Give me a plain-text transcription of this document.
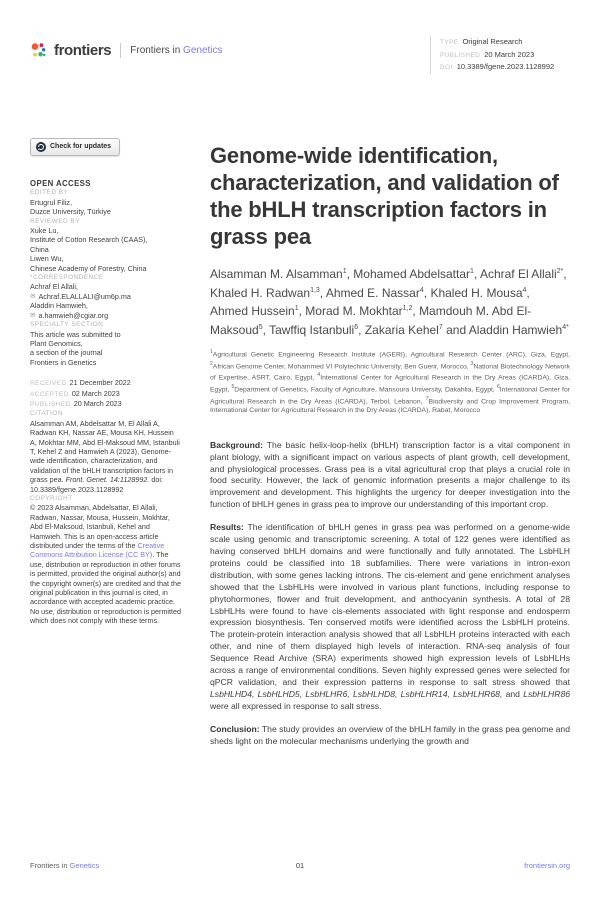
frontiers Frontiers in Genetics
TYPE Original Research
PUBLISHED 20 March 2023
DOI 10.3389/fgene.2023.1128992
Check for updates
OPEN ACCESS
EDITED BY
Ertugrul Filiz,
Duzce University, Türkiye
REVIEWED BY
Xuke Lu,
Institute of Cotton Research (CAAS),
China
Liwen Wu,
Chinese Academy of Forestry, China
*CORRESPONDENCE
Achraf El Allali,
✉ Achraf.ELALLALI@um6p.ma
Aladdin Hamwieh,
✉ a.hamwieh@cgiar.org
SPECIALTY SECTION
This article was submitted to
Plant Genomics,
a section of the journal
Frontiers in Genetics
RECEIVED 21 December 2022
ACCEPTED 02 March 2023
PUBLISHED 20 March 2023
CITATION
Alsamman AM, Abdelsattar M, El Allali A, Radwan KH, Nassar AE, Mousa KH, Hussein A, Mokhtar MM, Abd El-Maksoud MM, Istanbuli T, Kehel Z and Hamwieh A (2023), Genome-wide identification, characterization, and validation of the bHLH transcription factors in grass pea. Front. Genet. 14:1128992. doi: 10.3389/fgene.2023.1128992
COPYRIGHT
© 2023 Alsamman, Abdelsattar, El Allali, Radwan, Nassar, Mousa, Hussein, Mokhtar, Abd El-Maksoud, Istanbuli, Kehel and Hamwieh. This is an open-access article distributed under the terms of the Creative Commons Attribution License (CC BY). The use, distribution or reproduction in other forums is permitted, provided the original author(s) and the copyright owner(s) are credited and that the original publication in this journal is cited, in accordance with accepted academic practice. No use, distribution or reproduction is permitted which does not comply with these terms.
Genome-wide identification, characterization, and validation of the bHLH transcription factors in grass pea
Alsamman M. Alsamman$^1$, Mohamed Abdelsattar$^1$, Achraf El Allali$^{2*}$, Khaled H. Radwan$^{1,3}$, Ahmed E. Nassar$^4$, Khaled H. Mousa$^4$, Ahmed Hussein$^1$, Morad M. Mokhtar$^{1,2}$, Mamdouh M. Abd El-Maksoud$^5$, Tawffiq Istanbuli$^6$, Zakaria Kehel$^7$ and Aladdin Hamwieh$^{4*}$
$^1$Agricultural Genetic Engineering Research Institute (AGERI), Agricultural Research Center (ARC), Giza, Egypt, $^2$African Genome Center, Mohammed VI Polytechnic University, Ben Guerir, Morocco, $^3$National Biotechnology Network of Expertise, ASRT, Cairo, Egypt, $^4$International Center for Agricultural Research in the Dry Areas (ICARDA), Giza, Egypt, $^5$Department of Genetics, Faculty of Agriculture, Mansoura University, Dakahlia, Egypt, $^6$International Center for Agricultural Research in the Dry Areas (ICARDA), Terbol, Lebanon, $^7$Biodiversity and Crop Improvement Program, International Center for Agricultural Research in the Dry Areas (ICARDA), Rabat, Morocco

Background: The basic helix-loop-helix (bHLH) transcription factor is a vital component in plant biology, with a significant impact on various aspects of plant growth, cell development, and physiological processes. Grass pea is a vital agricultural crop that plays a crucial role in food security. However, the lack of genomic information presents a major challenge to its improvement and development. This highlights the urgency for deeper investigation into the function of bHLH genes in grass pea to improve our understanding of this important crop.

Results: The identification of bHLH genes in grass pea was performed on a genome-wide scale using genomic and transcriptomic screening. A total of 122 genes were identified as having conserved bHLH domains and were functionally and fully annotated. The LsbHLH proteins could be classified into 18 subfamilies. There were variations in intron-exon distribution, with some genes lacking introns. The cis-element and gene enrichment analyses showed that the LsbHLHs were involved in various plant functions, including response to phytohormones, flower and fruit development, and anthocyanin synthesis. A total of 28 LsbHLHs were found to have cis-elements associated with light response and endosperm expression biosynthesis. Ten conserved motifs were identified across the LsbHLH proteins. The protein-protein interaction analysis showed that all LsbHLH proteins interacted with each other, and nine of them displayed high levels of interaction. RNA-seq analysis of four Sequence Read Archive (SRA) experiments showed high expression levels of LsbHLHs across a range of environmental conditions. Seven highly expressed genes were selected for qPCR validation, and their expression patterns in response to salt stress showed that LsbHLHD4, LsbHLHD5, LsbHLHR6, LsbHLHD8, LsbHLHR14, LsbHLHR68, and LsbHLHR86 were all expressed in response to salt stress.

Conclusion: The study provides an overview of the bHLH family in the grass pea genome and sheds light on the molecular mechanisms underlying the growth and

Frontiers in Genetics	01	frontiersin.org
